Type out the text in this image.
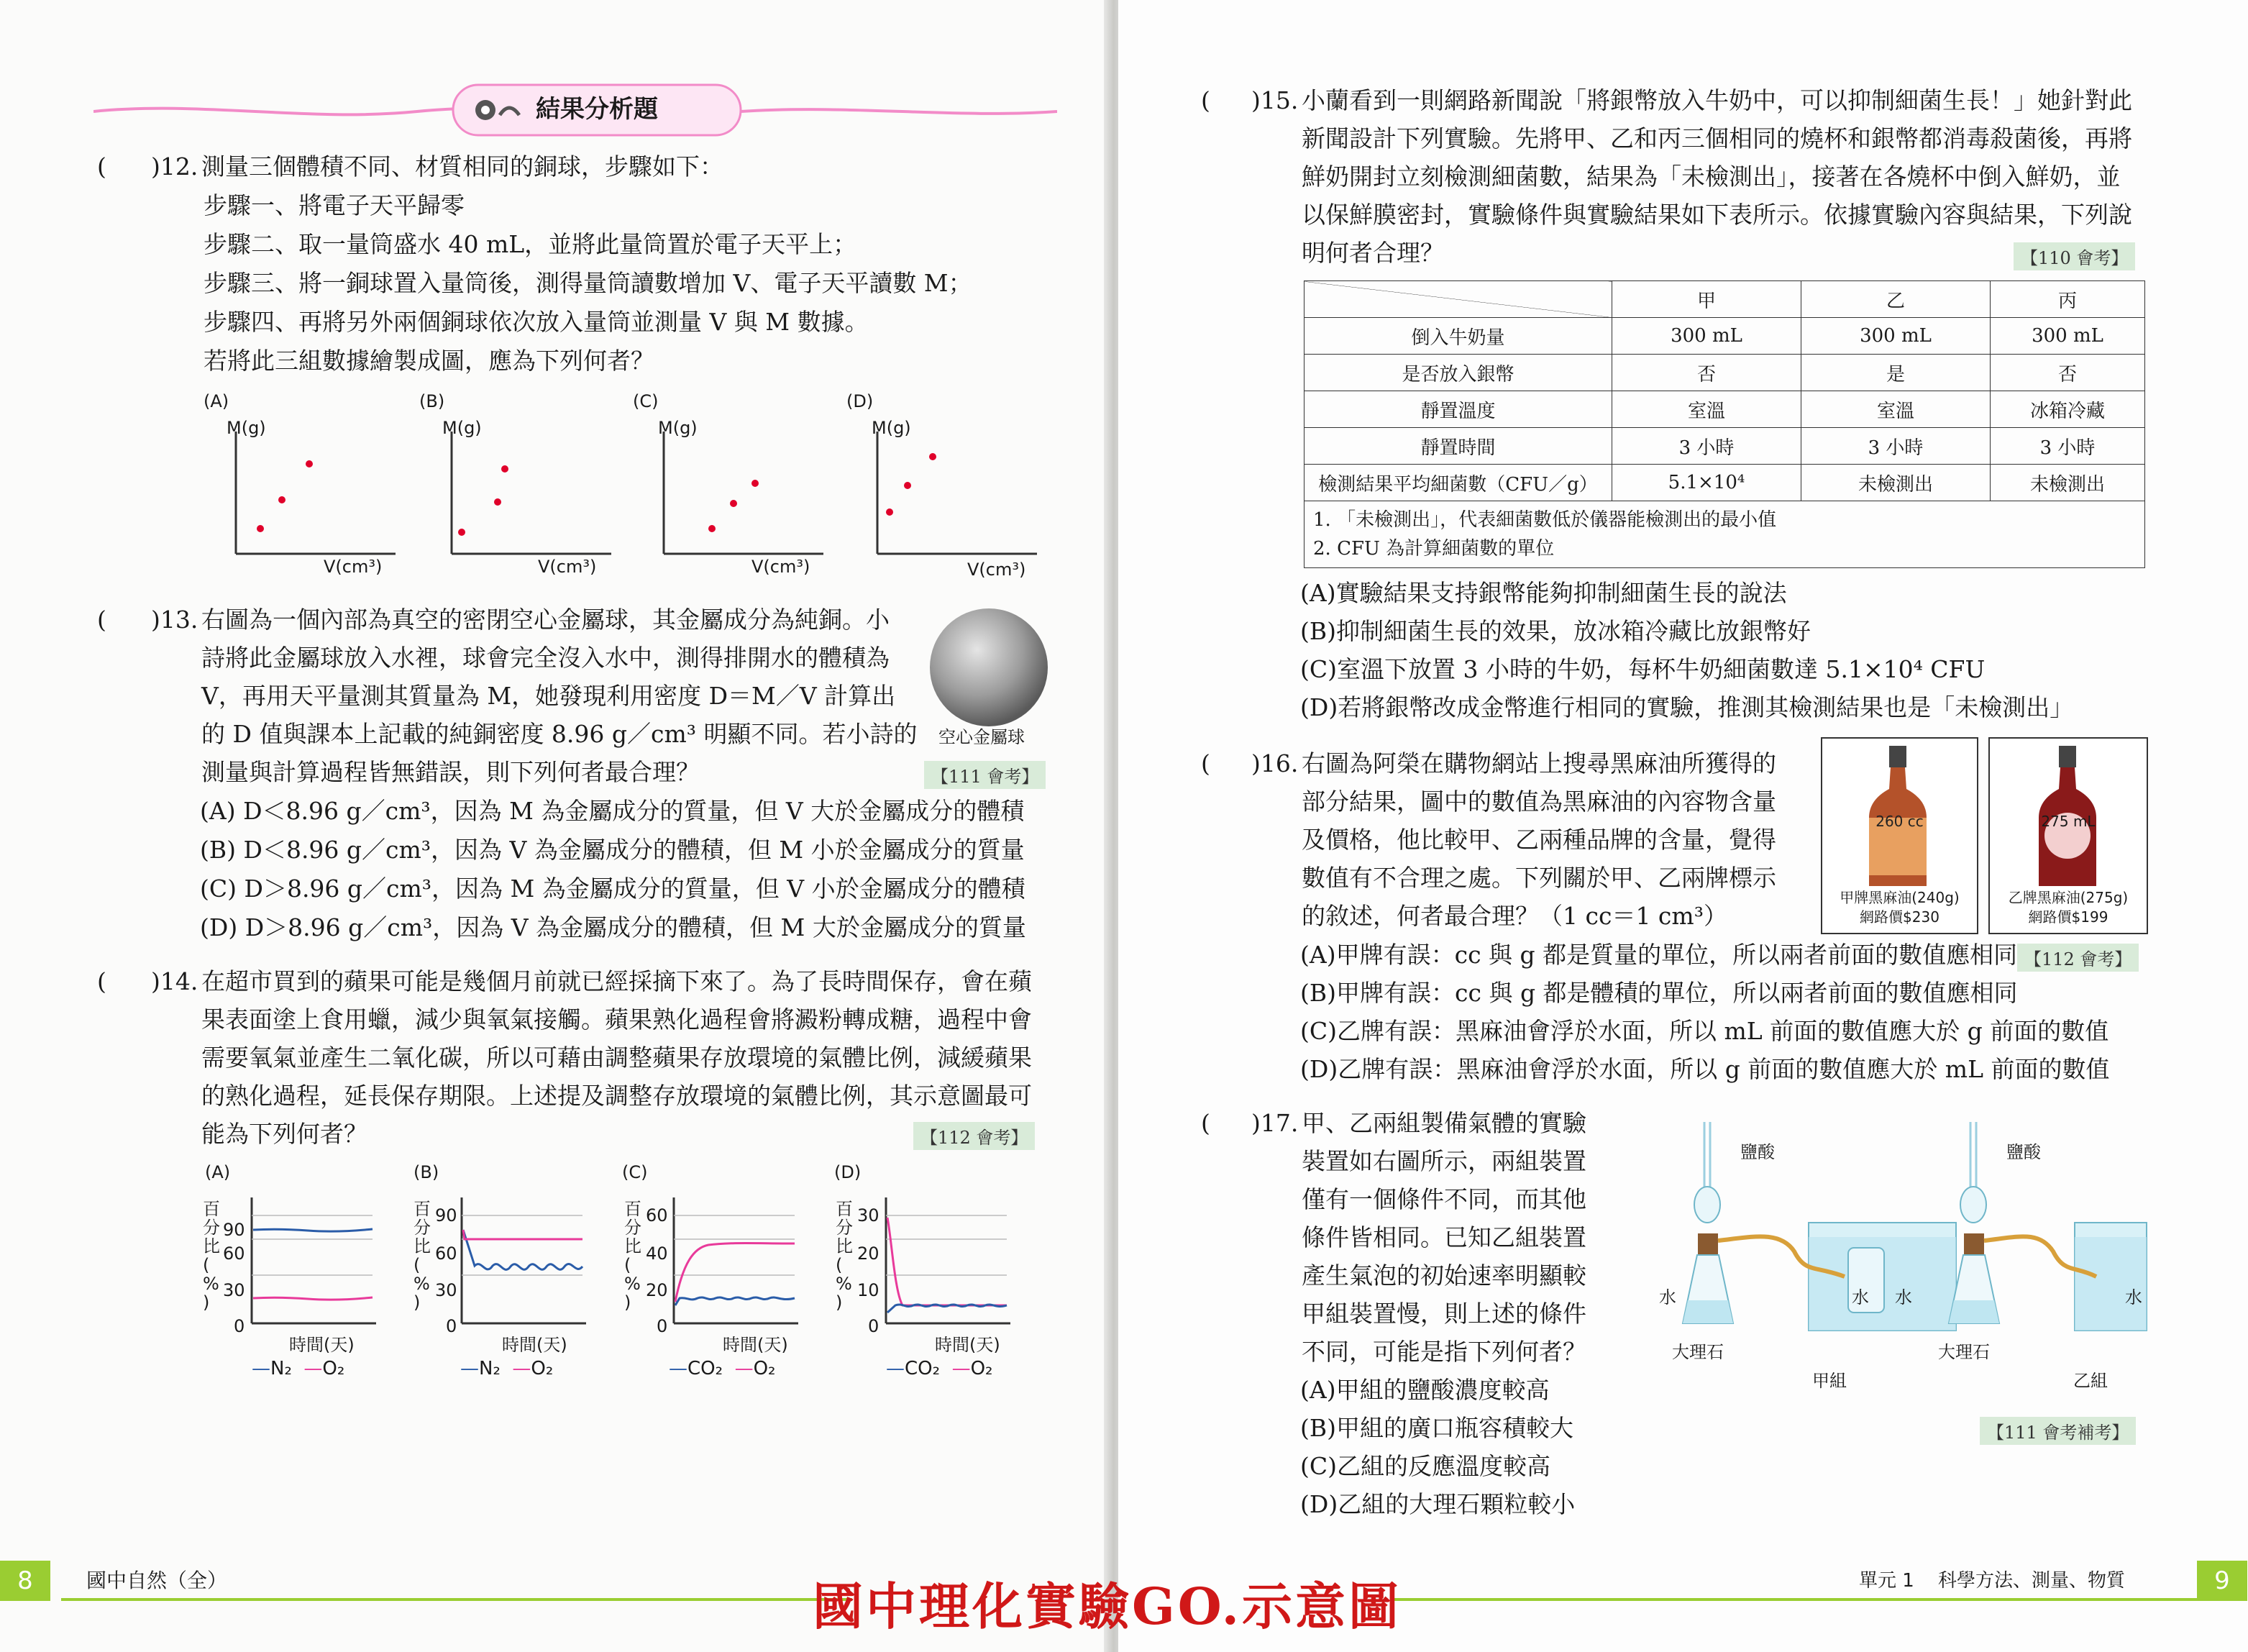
結果分析題
( )12. 測量三個體積不同、材質相同的銅球，步驟如下：
步驟一、將電子天平歸零
步驟二、取一量筒盛水 40 mL，並將此量筒置於電子天平上；
步驟三、將一銅球置入量筒後，測得量筒讀數增加 V、電子天平讀數 M；
步驟四、再將另外兩個銅球依次放入量筒並測量 V 與 M 數據。
若將此三組數據繪製成圖，應為下列何者？
(A)
M(g)
V(cm³)
(B)
M(g)
V(cm³)
(C)
M(g)
V(cm³)
(D)
M(g)
V(cm³)
( )13. 右圖為一個內部為真空的密閉空心金屬球，其金屬成分為純銅。小
詩將此金屬球放入水裡，球會完全沒入水中，測得排開水的體積為
V，再用天平量測其質量為 M，她發現利用密度 D＝M／V 計算出
的 D 值與課本上記載的純銅密度 8.96 g／cm³ 明顯不同。若小詩的
測量與計算過程皆無錯誤，則下列何者最合理？	【111 會考】
空心金屬球
(A) D＜8.96 g／cm³，因為 M 為金屬成分的質量，但 V 大於金屬成分的體積
(B) D＜8.96 g／cm³，因為 V 為金屬成分的體積，但 M 小於金屬成分的質量
(C) D＞8.96 g／cm³，因為 M 為金屬成分的質量，但 V 小於金屬成分的體積
(D) D＞8.96 g／cm³，因為 V 為金屬成分的體積，但 M 大於金屬成分的質量
( )14. 在超市買到的蘋果可能是幾個月前就已經採摘下來了。為了長時間保存，會在蘋
果表面塗上食用蠟，減少與氧氣接觸。蘋果熟化過程會將澱粉轉成糖，過程中會
需要氧氣並產生二氧化碳，所以可藉由調整蘋果存放環境的氣體比例，減緩蘋果
的熟化過程，延長保存期限。上述提及調整存放環境的氣體比例，其示意圖最可
能為下列何者？	【112 會考】
(A)
百
分
比
(
%
)
90
60
30
0
時間(天)
—N₂ —O₂
(B)
百
分
比
(
%
)
90
60
30
0
時間(天)
—N₂ —O₂
(C)
百
分
比
(
%
)
60
40
20
0
時間(天)
—CO₂ —O₂
(D)
百
分
比
(
%
)
30
20
10
0
時間(天)
—CO₂ —O₂
8	國中自然（全）
( )15. 小蘭看到一則網路新聞說「將銀幣放入牛奶中，可以抑制細菌生長！」她針對此
新聞設計下列實驗。先將甲、乙和丙三個相同的燒杯和銀幣都消毒殺菌後，再將
鮮奶開封立刻檢測細菌數，結果為「未檢測出」，接著在各燒杯中倒入鮮奶，並
以保鮮膜密封，實驗條件與實驗結果如下表所示。依據實驗內容與結果，下列說
明何者合理？	【110 會考】
	甲	乙	丙
倒入牛奶量	300 mL	300 mL	300 mL
是否放入銀幣	否	是	否
靜置溫度	室溫	室溫	冰箱冷藏
靜置時間	3 小時	3 小時	3 小時
檢測結果平均細菌數（CFU／g）	5.1×10⁴	未檢測出	未檢測出

1. 「未檢測出」，代表細菌數低於儀器能檢測出的最小值
2. CFU 為計算細菌數的單位			
(A)實驗結果支持銀幣能夠抑制細菌生長的說法
(B)抑制細菌生長的效果，放冰箱冷藏比放銀幣好
(C)室溫下放置 3 小時的牛奶，每杯牛奶細菌數達 5.1×10⁴ CFU
(D)若將銀幣改成金幣進行相同的實驗，推測其檢測結果也是「未檢測出」
( )16. 右圖為阿榮在購物網站上搜尋黑麻油所獲得的
部分結果，圖中的數值為黑麻油的內容物含量
及價格，他比較甲、乙兩種品牌的含量，覺得
數值有不合理之處。下列關於甲、乙兩牌標示
的敘述，何者最合理？（1 cc＝1 cm³）
260 cc
甲牌黑麻油(240g)
網路價$230
275 mL
乙牌黑麻油(275g)
網路價$199
(A)甲牌有誤：cc 與 g 都是質量的單位，所以兩者前面的數值應相同 【112 會考】
(B)甲牌有誤：cc 與 g 都是體積的單位，所以兩者前面的數值應相同
(C)乙牌有誤：黑麻油會浮於水面，所以 mL 前面的數值應大於 g 前面的數值
(D)乙牌有誤：黑麻油會浮於水面，所以 g 前面的數值應大於 mL 前面的數值
( )17. 甲、乙兩組製備氣體的實驗
裝置如右圖所示，兩組裝置
僅有一個條件不同，而其他
條件皆相同。已知乙組裝置
產生氣泡的初始速率明顯較
甲組裝置慢，則上述的條件
不同，可能是指下列何者？
(A)甲組的鹽酸濃度較高
(B)甲組的廣口瓶容積較大
(C)乙組的反應溫度較高
(D)乙組的大理石顆粒較小
鹽酸	鹽酸
水	水 水	水
大理石	大理石
甲組	乙組
【111 會考補考】
單元 1 科學方法、測量、物質	9
國中理化實驗GO.示意圖
